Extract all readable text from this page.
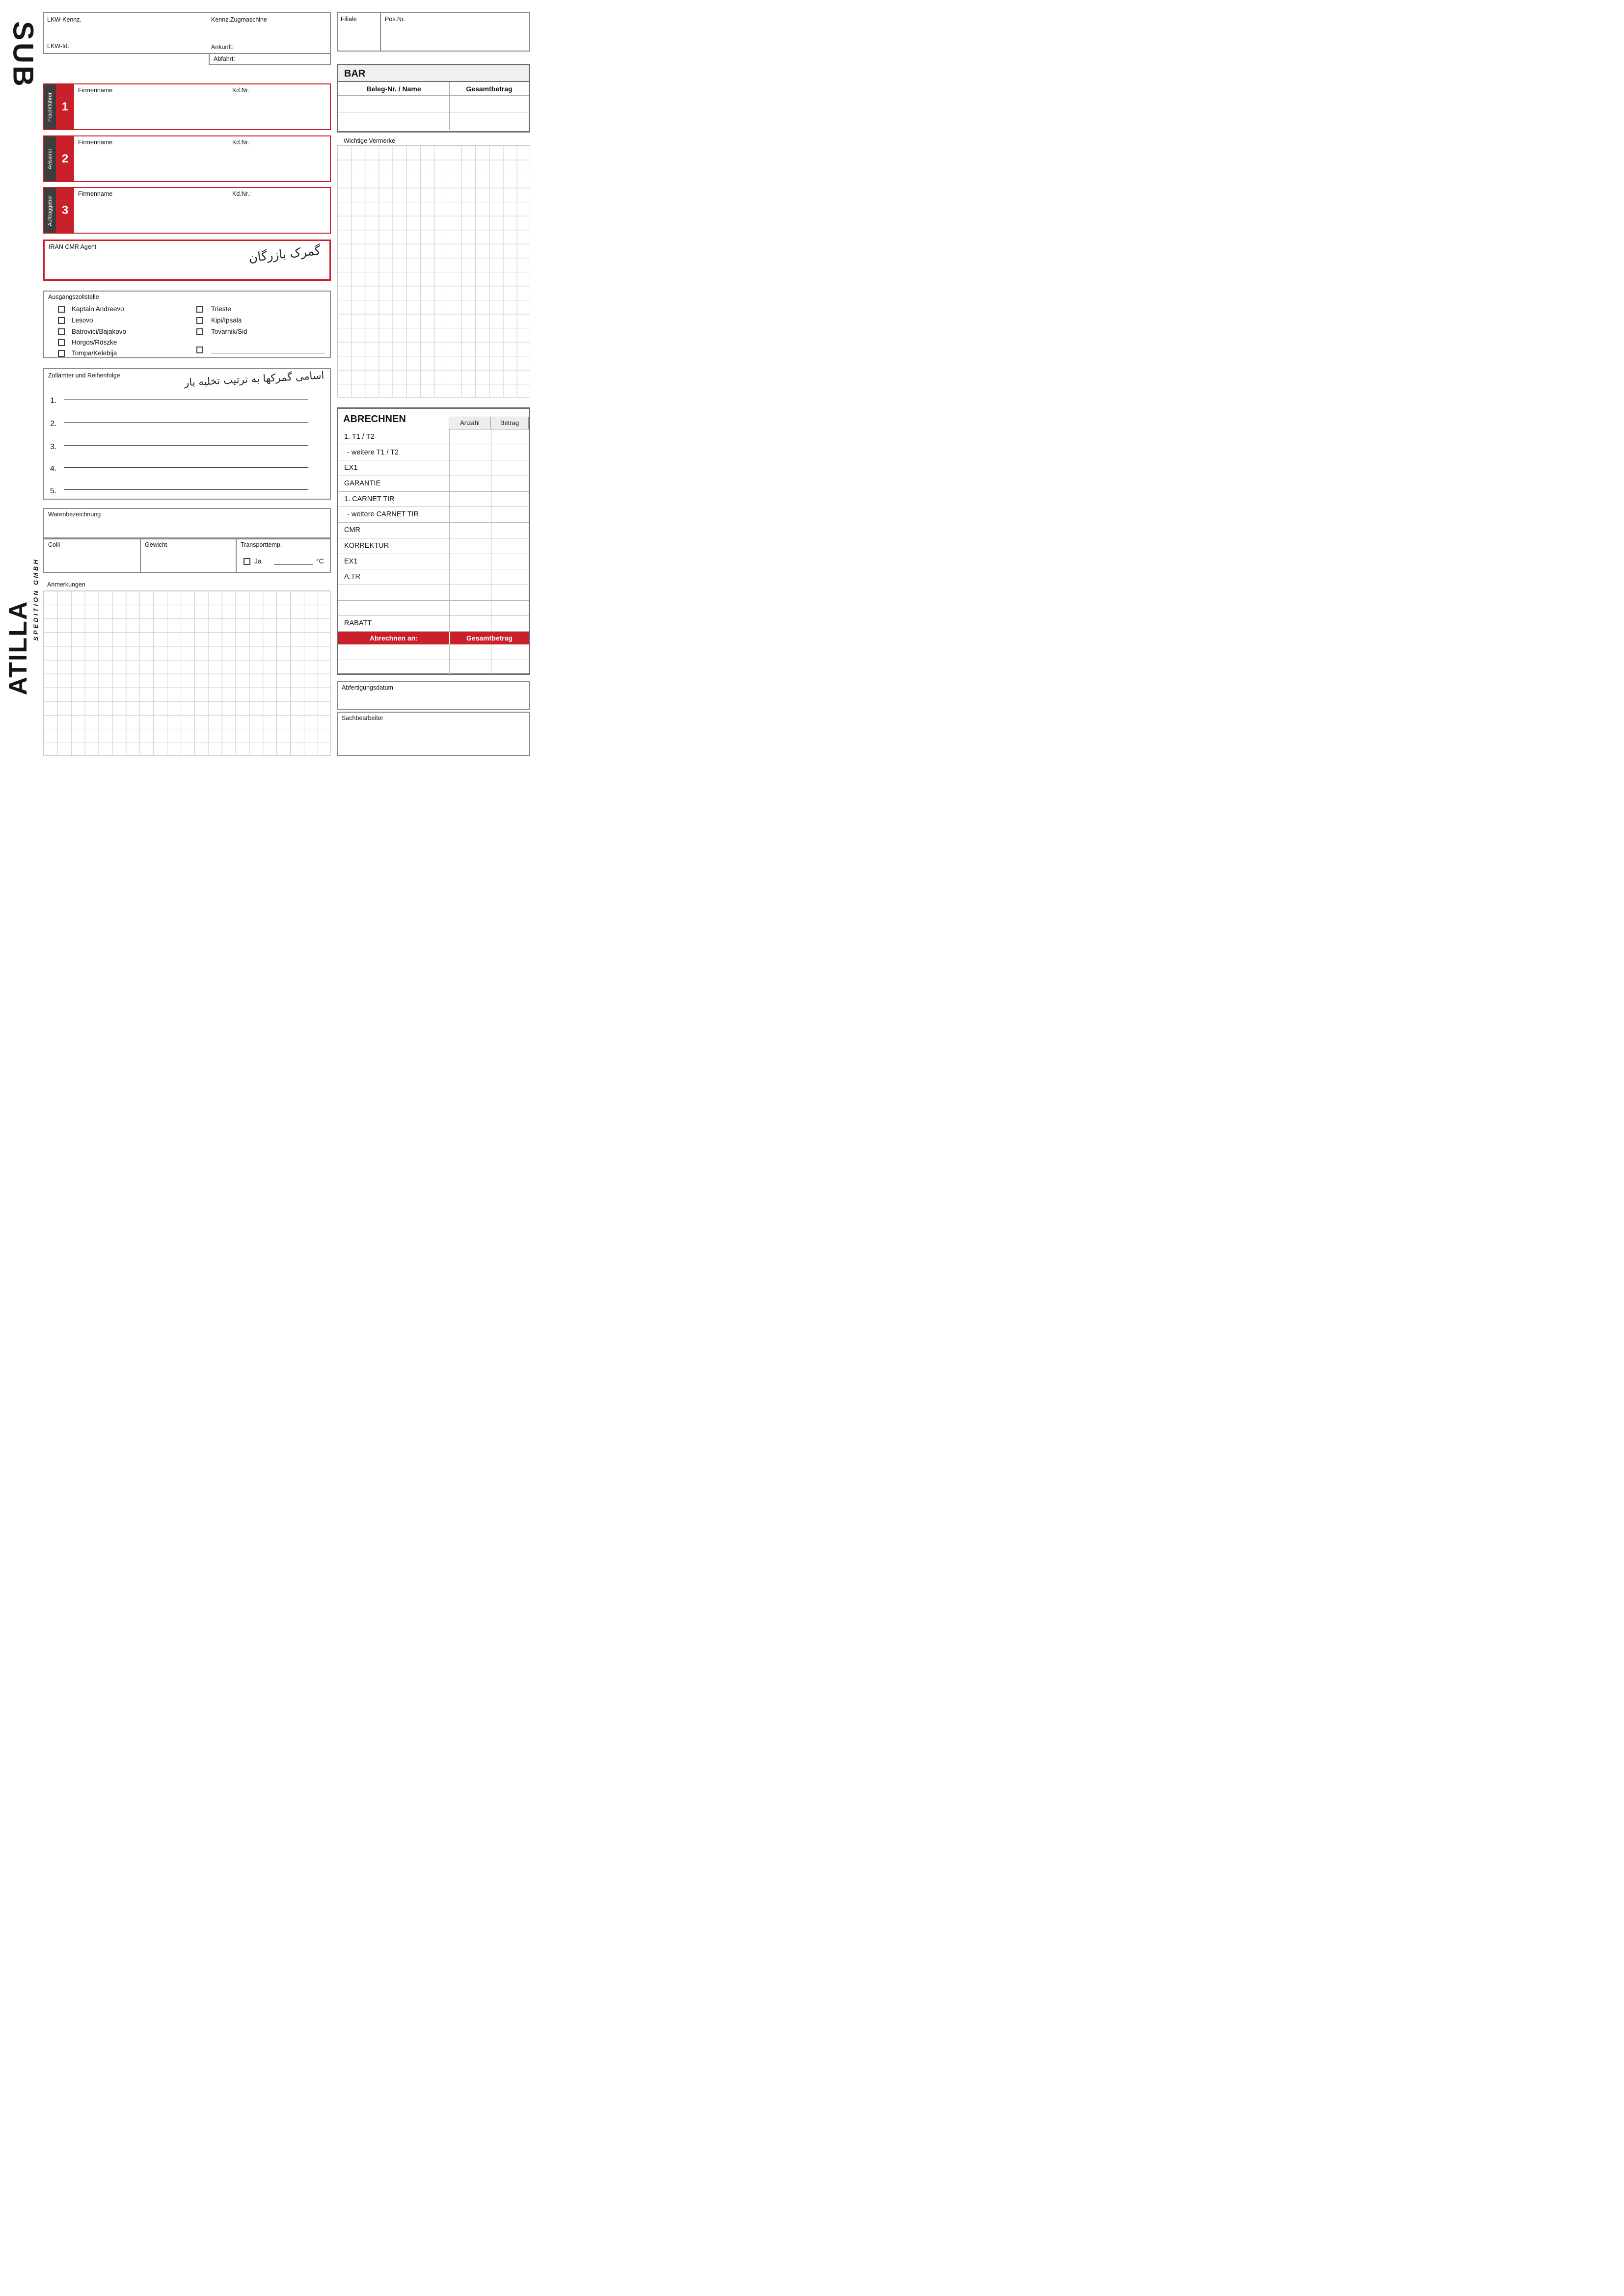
SUB
LKW-Kennz.	Kennz.Zugmaschine
LKW-Id.:	Ankunft:
Abfahrt:
Filiale	Pos.Nr.
BAR
Beleg-Nr. / Name	Gesamtbetrag
Frachtführer 1
Firmenname	Kd.Nr.:
Avisierer 2
Firmenname	Kd.Nr.:
Auftraggeber 3
Firmenname	Kd.Nr.:
IRAN CMR Agent	گمرک بازرگان
Wichtige Vermerke
Ausgangszollstelle
Kaptain Andreevo
Lesovo
Batrovici/Bajakovo
Horgos/Röszke
Tompa/Kelebija
Trieste
Kipi/Ipsala
Tovarnik/Sid
Zollämter und Reihenfolge	اسامی گمرکها به ترتیب تخلیه بار
1.
2.
3.
4.
5.
Warenbezeichnung
Colli	Gewicht	Transporttemp.
Ja	°C
Anmerkungen
ABRECHNEN	Anzahl	Betrag
1. T1 / T2
- weitere T1 / T2
EX1
GARANTIE
1. CARNET TIR
- weitere CARNET TIR
CMR
KORREKTUR
EX1
A.TR
RABATT
Abrechnen an:	Gesamtbetrag
Abfertigungsdatum
Sachbearbeiter
ATILLA
SPEDITION GMBH
